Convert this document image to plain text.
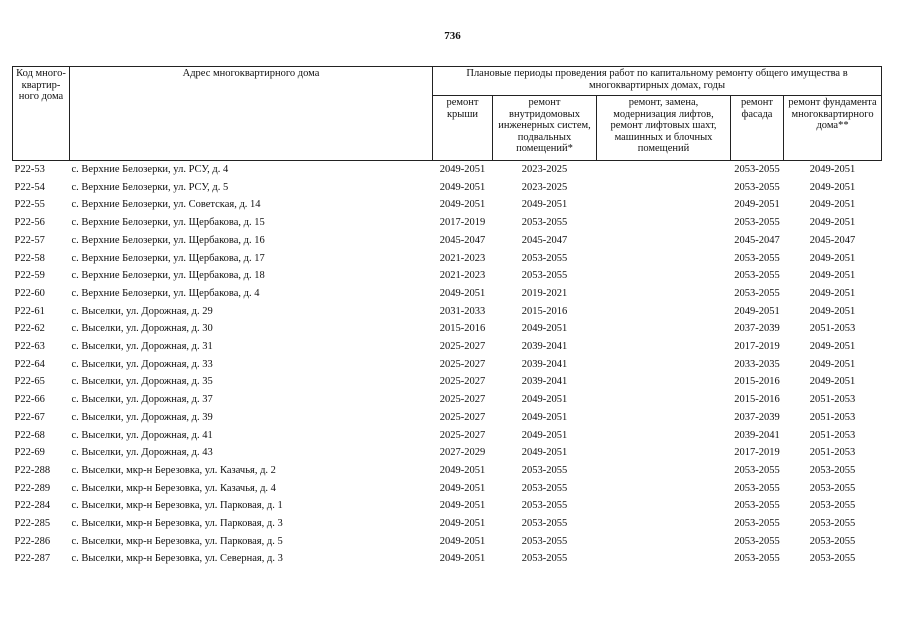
736
Код много-квартир-ного дома	Адрес многоквартирного дома	Плановые периоды проведения работ по капитальному ремонту общего имущества в многоквартирных домах, годы				
		ремонт крыши	ремонт внутридомовых инженерных систем, подвальных помещений*	ремонт, замена, модернизация лифтов, ремонт лифтовых шахт, машинных и блочных помещений	ремонт фасада	ремонт фундамента многоквартирного дома**
Р22-53	с. Верхние Белозерки, ул. РСУ, д. 4	2049-2051	2023-2025		2053-2055	2049-2051
Р22-54	с. Верхние Белозерки, ул. РСУ, д. 5	2049-2051	2023-2025		2053-2055	2049-2051
Р22-55	с. Верхние Белозерки, ул. Советская, д. 14	2049-2051	2049-2051		2049-2051	2049-2051
Р22-56	с. Верхние Белозерки, ул. Щербакова, д. 15	2017-2019	2053-2055		2053-2055	2049-2051
Р22-57	с. Верхние Белозерки, ул. Щербакова, д. 16	2045-2047	2045-2047		2045-2047	2045-2047
Р22-58	с. Верхние Белозерки, ул. Щербакова, д. 17	2021-2023	2053-2055		2053-2055	2049-2051
Р22-59	с. Верхние Белозерки, ул. Щербакова, д. 18	2021-2023	2053-2055		2053-2055	2049-2051
Р22-60	с. Верхние Белозерки, ул. Щербакова, д. 4	2049-2051	2019-2021		2053-2055	2049-2051
Р22-61	с. Выселки, ул. Дорожная, д. 29	2031-2033	2015-2016		2049-2051	2049-2051
Р22-62	с. Выселки, ул. Дорожная, д. 30	2015-2016	2049-2051		2037-2039	2051-2053
Р22-63	с. Выселки, ул. Дорожная, д. 31	2025-2027	2039-2041		2017-2019	2049-2051
Р22-64	с. Выселки, ул. Дорожная, д. 33	2025-2027	2039-2041		2033-2035	2049-2051
Р22-65	с. Выселки, ул. Дорожная, д. 35	2025-2027	2039-2041		2015-2016	2049-2051
Р22-66	с. Выселки, ул. Дорожная, д. 37	2025-2027	2049-2051		2015-2016	2051-2053
Р22-67	с. Выселки, ул. Дорожная, д. 39	2025-2027	2049-2051		2037-2039	2051-2053
Р22-68	с. Выселки, ул. Дорожная, д. 41	2025-2027	2049-2051		2039-2041	2051-2053
Р22-69	с. Выселки, ул. Дорожная, д. 43	2027-2029	2049-2051		2017-2019	2051-2053
Р22-288	с. Выселки, мкр-н Березовка, ул. Казачья, д. 2	2049-2051	2053-2055		2053-2055	2053-2055
Р22-289	с. Выселки, мкр-н Березовка, ул. Казачья, д. 4	2049-2051	2053-2055		2053-2055	2053-2055
Р22-284	с. Выселки, мкр-н Березовка, ул. Парковая, д. 1	2049-2051	2053-2055		2053-2055	2053-2055
Р22-285	с. Выселки, мкр-н Березовка, ул. Парковая, д. 3	2049-2051	2053-2055		2053-2055	2053-2055
Р22-286	с. Выселки, мкр-н Березовка, ул. Парковая, д. 5	2049-2051	2053-2055		2053-2055	2053-2055
Р22-287	с. Выселки, мкр-н Березовка, ул. Северная, д. 3	2049-2051	2053-2055		2053-2055	2053-2055
